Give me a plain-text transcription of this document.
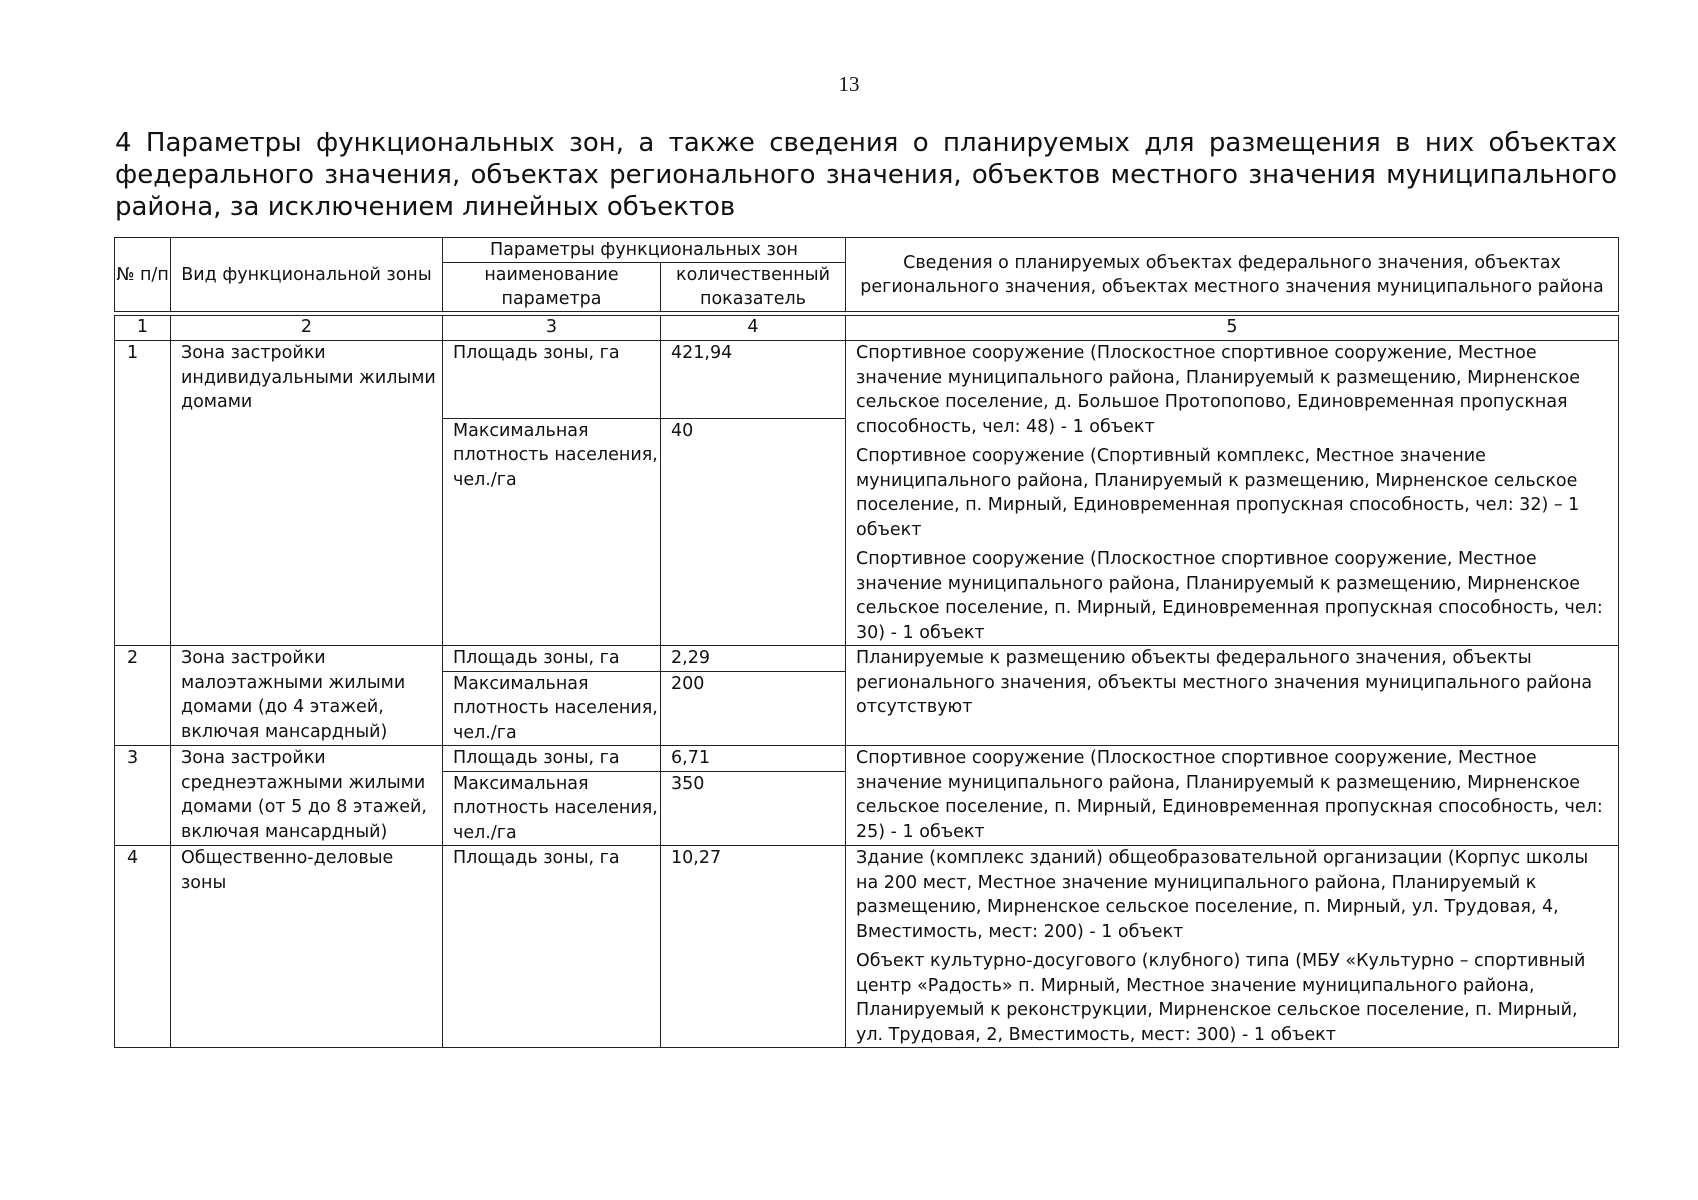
13
4 Параметры функциональных зон, а также сведения о планируемых для размещения в них объектах федерального значения, объектах регионального значения, объектов местного значения муниципального района, за исключением линейных объектов
№ п/п	Вид функциональной зоны	Параметры функциональных зон		Сведения о планируемых объектах федерального значения, объектах регионального значения, объектах местного значения муниципального района
		наименование параметра	количественный показатель	
1	2	3	4	5
1	Зона застройки индивидуальными жилыми домами	Площадь зоны, га	421,94	Спортивное сооружение (Плоскостное спортивное сооружение, Местное значение муниципального района, Планируемый к размещению, Мирненское сельское поселение, д. Большое Протопопово, Единовременная пропускная способность, чел: 48) - 1 объект

Спортивное сооружение (Спортивный комплекс, Местное значение муниципального района, Планируемый к размещению, Мирненское сельское поселение, п. Мирный, Единовременная пропускная способность, чел: 32) – 1 объект

Спортивное сооружение (Плоскостное спортивное сооружение, Местное значение муниципального района, Планируемый к размещению, Мирненское сельское поселение, п. Мирный, Единовременная пропускная способность, чел: 30) - 1 объект

		Максимальная плотность населения, чел./га	40	
2	Зона застройки малоэтажными жилыми домами (до 4 этажей, включая мансардный)	Площадь зоны, га	2,29	Планируемые к размещению объекты федерального значения, объекты регионального значения, объекты местного значения муниципального района отсутствуют

		Максимальная плотность населения, чел./га	200	
3	Зона застройки среднеэтажными жилыми домами (от 5 до 8 этажей, включая мансардный)	Площадь зоны, га	6,71	Спортивное сооружение (Плоскостное спортивное сооружение, Местное значение муниципального района, Планируемый к размещению, Мирненское сельское поселение, п. Мирный, Единовременная пропускная способность, чел: 25) - 1 объект

		Максимальная плотность населения, чел./га	350	
4	Общественно-деловые зоны	Площадь зоны, га	10,27	Здание (комплекс зданий) общеобразовательной организации (Корпус школы на 200 мест, Местное значение муниципального района, Планируемый к размещению, Мирненское сельское поселение, п. Мирный, ул. Трудовая, 4, Вместимость, мест: 200) - 1 объект

Объект культурно-досугового (клубного) типа (МБУ «Культурно – спортивный центр «Радость» п. Мирный, Местное значение муниципального района, Планируемый к реконструкции, Мирненское сельское поселение, п. Мирный, ул. Трудовая, 2, Вместимость, мест: 300) - 1 объект
